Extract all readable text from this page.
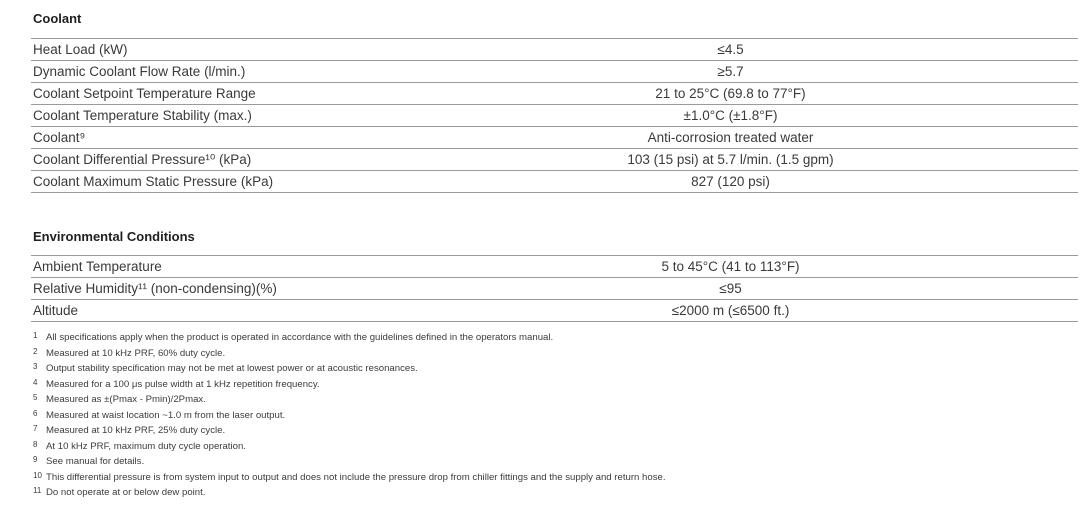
Coolant
Heat Load (kW)	≤4.5
Dynamic Coolant Flow Rate (l/min.)	≥5.7
Coolant Setpoint Temperature Range	21 to 25°C (69.8 to 77°F)
Coolant Temperature Stability (max.)	±1.0°C (±1.8°F)
Coolant⁹	Anti-corrosion treated water
Coolant Differential Pressure¹⁰ (kPa)	103 (15 psi) at 5.7 l/min. (1.5 gpm)
Coolant Maximum Static Pressure (kPa)	827 (120 psi)
Environmental Conditions
Ambient Temperature	5 to 45°C (41 to 113°F)
Relative Humidity¹¹ (non-condensing)(%)	≤95
Altitude	≤2000 m (≤6500 ft.)
1 All specifications apply when the product is operated in accordance with the guidelines defined in the operators manual.
2 Measured at 10 kHz PRF, 60% duty cycle.
3 Output stability specification may not be met at lowest power or at acoustic resonances.
4 Measured for a 100 μs pulse width at 1 kHz repetition frequency.
5 Measured as ±(Pmax - Pmin)/2Pmax.
6 Measured at waist location ~1.0 m from the laser output.
7 Measured at 10 kHz PRF, 25% duty cycle.
8 At 10 kHz PRF, maximum duty cycle operation.
9 See manual for details.
10 This differential pressure is from system input to output and does not include the pressure drop from chiller fittings and the supply and return hose.
11 Do not operate at or below dew point.
